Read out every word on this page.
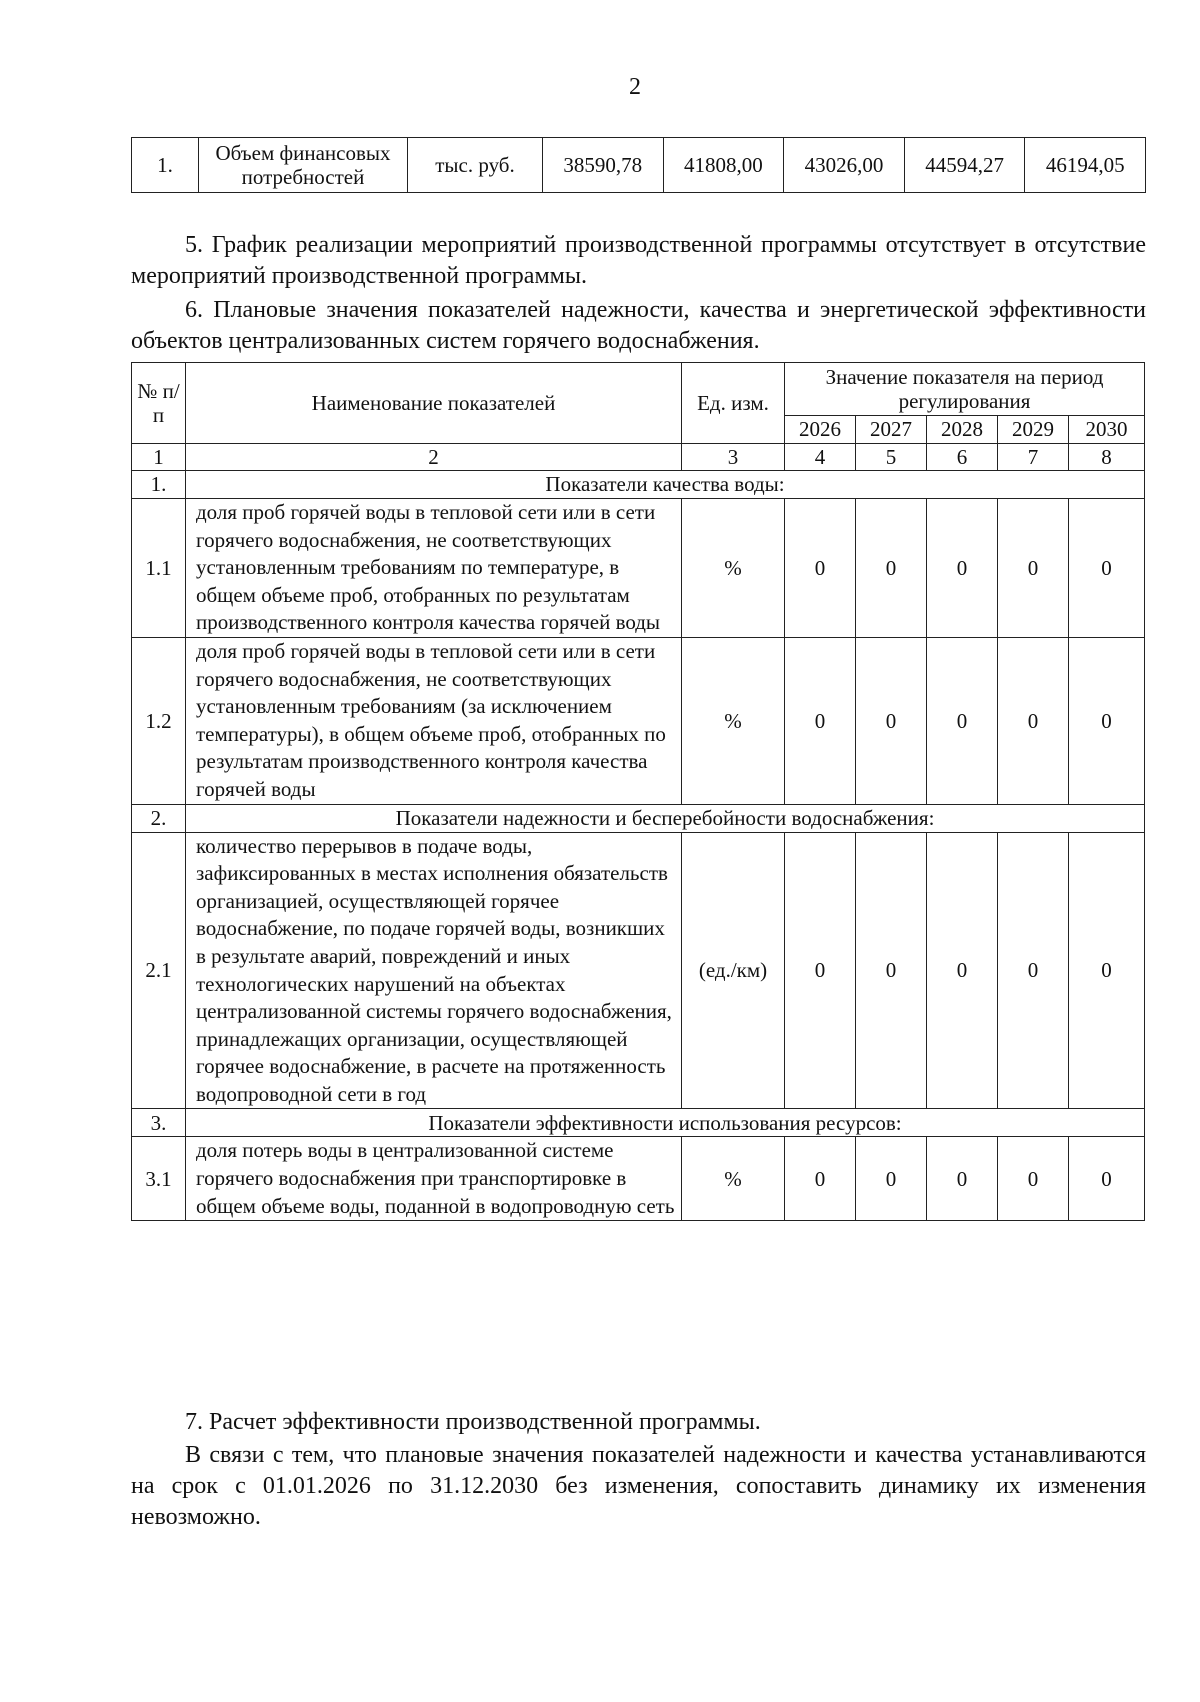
2
1.	Объем финансовых потребностей	тыс. руб.	38590,78	41808,00	43026,00	44594,27	46194,05
5. График реализации мероприятий производственной программы отсутствует в отсутствие мероприятий производственной программы.
6. Плановые значения показателей надежности, качества и энергетической эффективности объектов централизованных систем горячего водоснабжения.
№ п/п	Наименование показателей	Ед. изм.	Значение показателя на период регулирования				
			2026	2027	2028	2029	2030
1	2	3	4	5	6	7	8
1.	Показатели качества воды:						
1.1	доля проб горячей воды в тепловой сети или в сети горячего водоснабжения, не соответствующих установленным требованиям по температуре, в общем объеме проб, отобранных по результатам производственного контроля качества горячей воды	%	0	0	0	0	0
1.2	доля проб горячей воды в тепловой сети или в сети горячего водоснабжения, не соответствующих установленным требованиям (за исключением температуры), в общем объеме проб, отобранных по результатам производственного контроля качества горячей воды	%	0	0	0	0	0
2.	Показатели надежности и бесперебойности водоснабжения:						
2.1	количество перерывов в подаче воды, зафиксированных в местах исполнения обязательств организацией, осуществляющей горячее водоснабжение, по подаче горячей воды, возникших в результате аварий, повреждений и иных технологических нарушений на объектах централизованной системы горячего водоснабжения, принадлежащих организации, осуществляющей горячее водоснабжение, в расчете на протяженность водопроводной сети в год	(ед./км)	0	0	0	0	0
3.	Показатели эффективности использования ресурсов:						
3.1	доля потерь воды в централизованной системе горячего водоснабжения при транспортировке в общем объеме воды, поданной в водопроводную сеть	%	0	0	0	0	0
7. Расчет эффективности производственной программы.
В связи с тем, что плановые значения показателей надежности и качества устанавливаются на срок с 01.01.2026 по 31.12.2030 без изменения, сопоставить динамику их изменения невозможно.
